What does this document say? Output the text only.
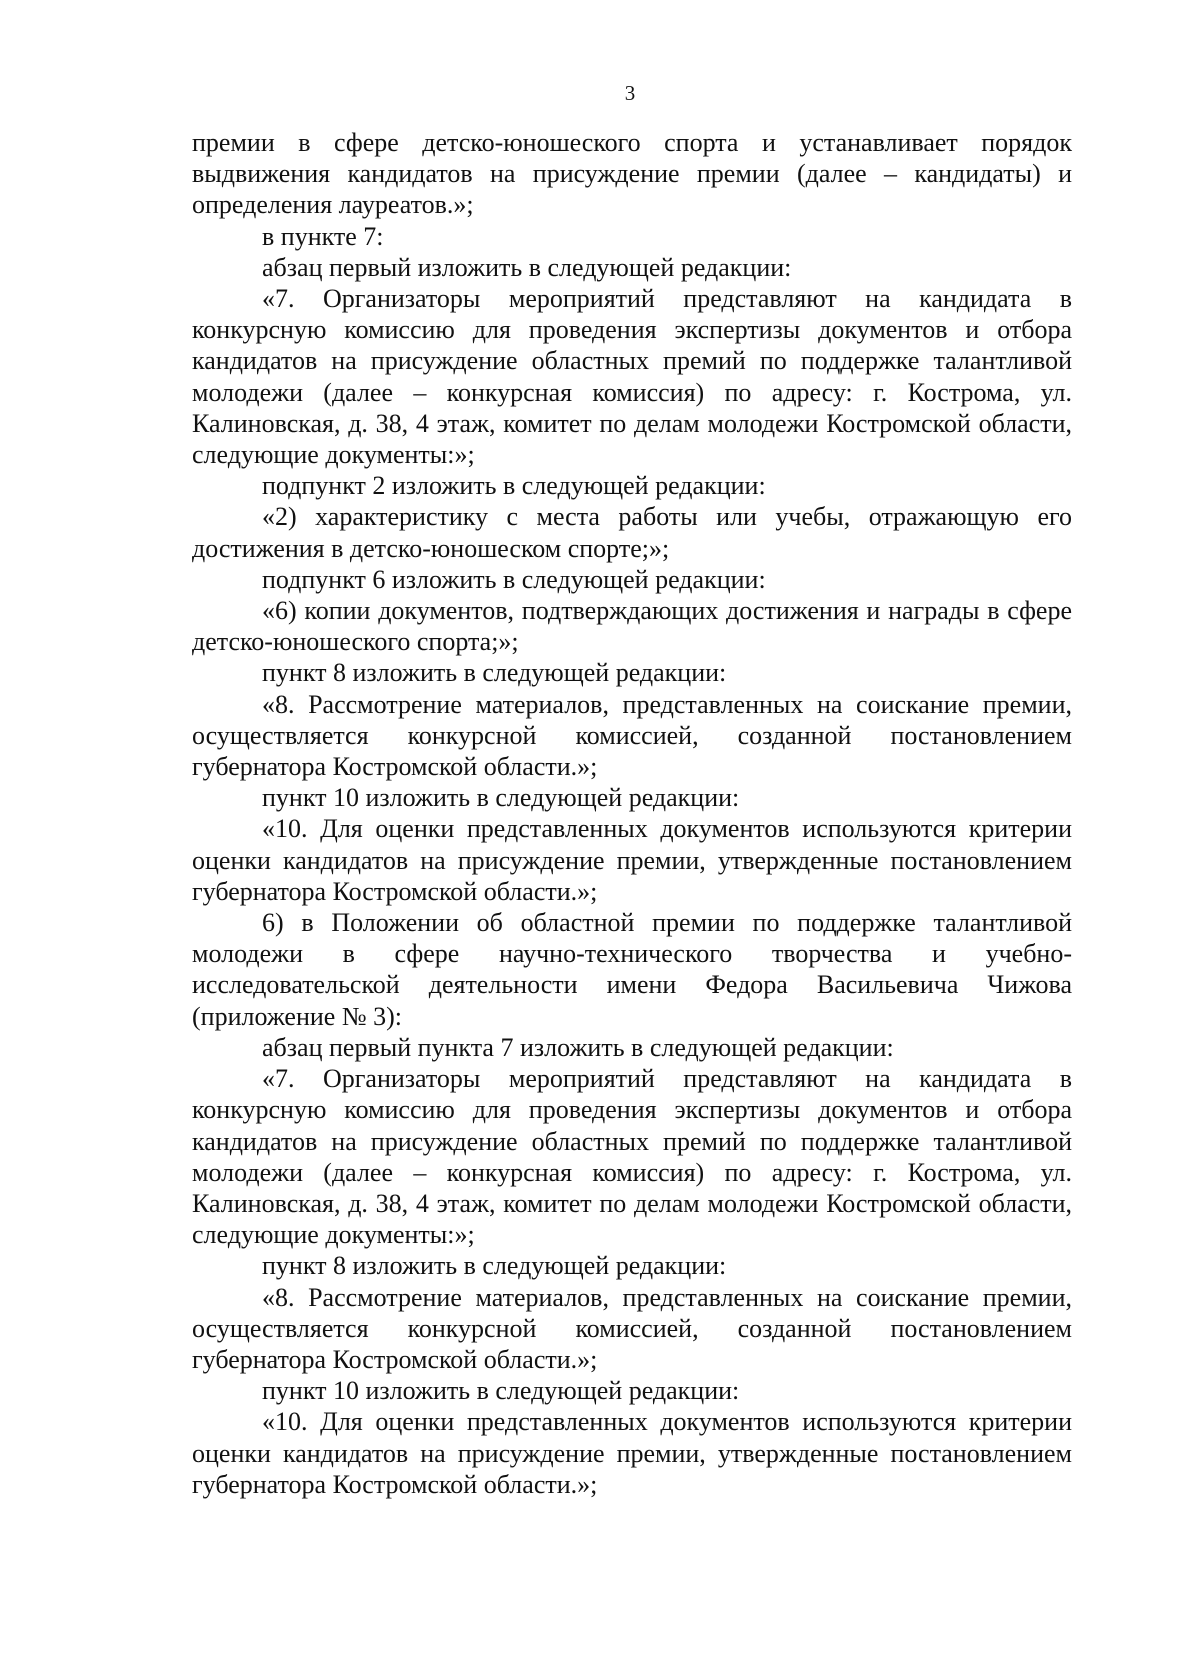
3

премии в сфере детско-юношеского спорта и устанавливает порядок выдвижения кандидатов на присуждение премии (далее – кандидаты) и определения лауреатов.»;

в пункте 7:

абзац первый изложить в следующей редакции:

«7. Организаторы мероприятий представляют на кандидата в конкурсную комиссию для проведения экспертизы документов и отбора кандидатов на присуждение областных премий по поддержке талантливой молодежи (далее – конкурсная комиссия) по адресу: г. Кострома, ул. Калиновская, д. 38, 4 этаж, комитет по делам молодежи Костромской области, следующие документы:»;

подпункт 2 изложить в следующей редакции:

«2) характеристику с места работы или учебы, отражающую его достижения в детско-юношеском спорте;»;

подпункт 6 изложить в следующей редакции:

«6) копии документов, подтверждающих достижения и награды в сфере детско-юношеского спорта;»;

пункт 8 изложить в следующей редакции:

«8. Рассмотрение материалов, представленных на соискание премии, осуществляется конкурсной комиссией, созданной постановлением губернатора Костромской области.»;

пункт 10 изложить в следующей редакции:

«10. Для оценки представленных документов используются критерии оценки кандидатов на присуждение премии, утвержденные постановлением губернатора Костромской области.»;

6) в Положении об областной премии по поддержке талантливой молодежи в сфере научно-технического творчества и учебно-исследовательской деятельности имени Федора Васильевича Чижова (приложение № 3):

абзац первый пункта 7 изложить в следующей редакции:

«7. Организаторы мероприятий представляют на кандидата в конкурсную комиссию для проведения экспертизы документов и отбора кандидатов на присуждение областных премий по поддержке талантливой молодежи (далее – конкурсная комиссия) по адресу: г. Кострома, ул. Калиновская, д. 38, 4 этаж, комитет по делам молодежи Костромской области, следующие документы:»;

пункт 8 изложить в следующей редакции:

«8. Рассмотрение материалов, представленных на соискание премии, осуществляется конкурсной комиссией, созданной постановлением губернатора Костромской области.»;

пункт 10 изложить в следующей редакции:

«10. Для оценки представленных документов используются критерии оценки кандидатов на присуждение премии, утвержденные постановлением губернатора Костромской области.»;
